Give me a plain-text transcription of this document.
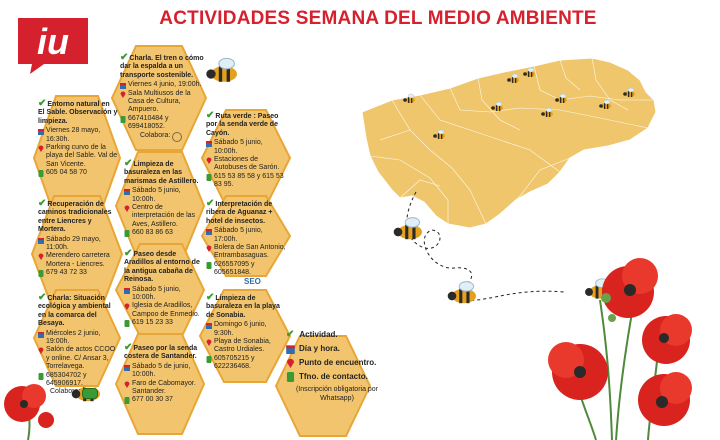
iu
ACTIVIDADES SEMANA DEL MEDIO AMBIENTE
✔Entorno natural en El Sable. Observación y limpieza.
Viernes 28 mayo, 16:30h.
Parking curvo de la playa del Sable. Val de San Vicente.
605 04 58 70
✔Charla. El tren o cómo dar la espalda a un transporte sostenible.
Viernes 4 junio, 19:00h.
Sala Multiusos de la Casa de Cultura, Ampuero.
667410484 y 699418052.
Colabora:
✔Ruta verde : Paseo por la senda verde de Cayón.
Sábado 5 junio, 10:00h.
Estaciones de Autobuses de Sarón.
615 53 85 58 y 615 53 83 95.
✔Limpieza de basuraleza en las marismas de Astillero.
Sábado 5 junio, 10:00h.
Centro de interpretación de las Aves, Astillero.
660 83 86 63
✔Recuperación de caminos tradicionales entre Liencres y Mortera.
Sábado 29 mayo, 11:00h.
Merendero carretera Mortera - Liencres.
679 43 72 33
✔Interpretación de ribera de Aguanaz + hotel de insectos.
Sábado 5 junio, 17:00h.
Bolera de San Antonio, Entrambasaguas.
626557095 y 605651848.
SEO
✔Paseo desde Aradillos al entorno de la antigua cabaña de Reinosa.
Sábado 5 junio, 10:00h.
Iglesia de Aradillos, Campoo de Enmedio.
619 15 23 33
✔Charla: Situación ecológica y ambiental en la comarca del Besaya.
Miércoles 2 junio, 19:00h.
Salón de actos CCOO y online. C/ Ansar 3, Torrelavega.
685304702 y 645906917.
Colabora:
✔Limpieza de basuraleza en la playa de Sonabia.
Domingo 6 junio, 9:30h.
Playa de Sonabia, Castro Urdiales.
605705215 y 622236468.
✔Paseo por la senda costera de Santander.
Sábado 5 de junio, 10:00h.
Faro de Cabomayor. Santander.
677 00 30 37
✔ Actividad.
Día y hora.
Punto de encuentro.
Tfno. de contacto.
(Inscripción obligatoria por Whatsapp)
